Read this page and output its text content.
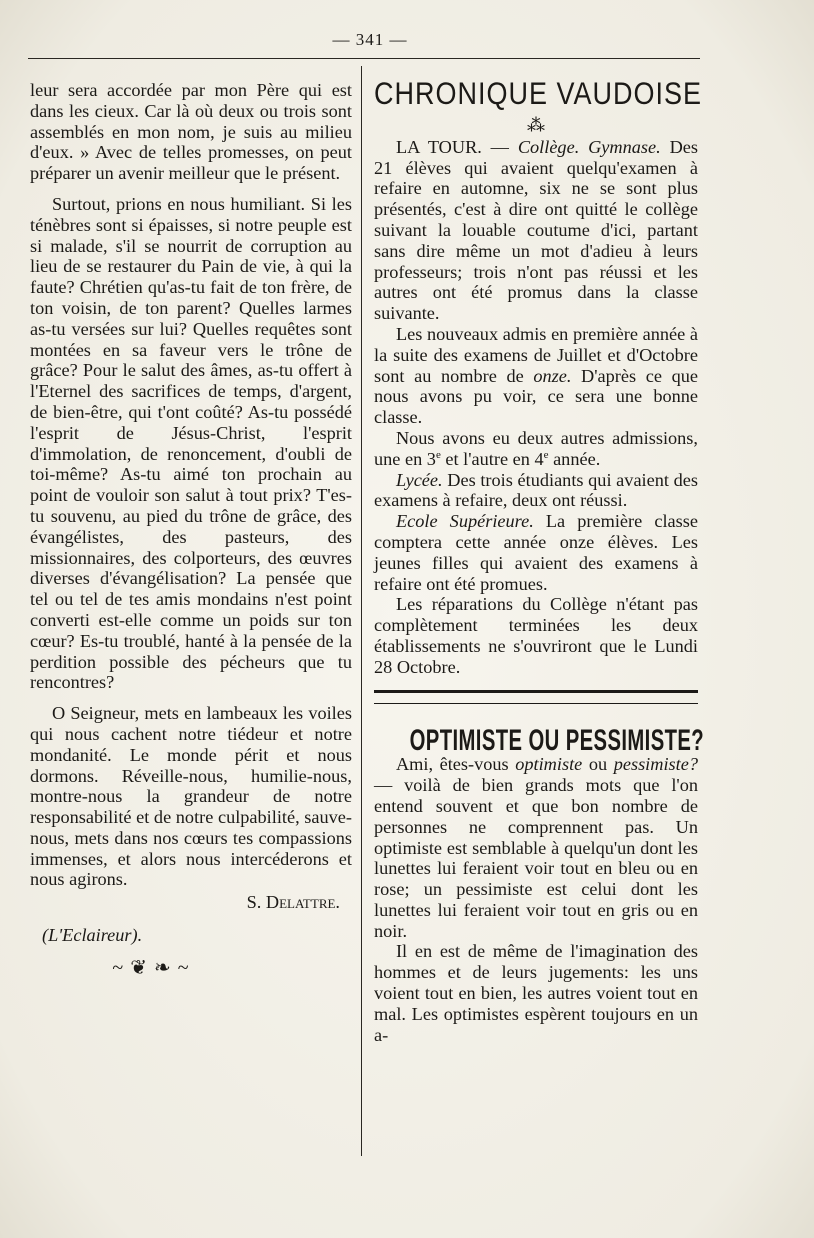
— 341 —

leur sera accordée par mon Père qui est dans les cieux. Car là où deux ou trois sont assemblés en mon nom, je suis au milieu d'eux. » Avec de telles promesses, on peut préparer un avenir meilleur que le présent.

Surtout, prions en nous humiliant. Si les ténèbres sont si épaisses, si notre peuple est si malade, s'il se nourrit de corruption au lieu de se restaurer du Pain de vie, à qui la faute? Chrétien qu'as-tu fait de ton frère, de ton voisin, de ton parent? Quelles larmes as-tu versées sur lui? Quelles requêtes sont montées en sa faveur vers le trône de grâce? Pour le salut des âmes, as-tu offert à l'Eternel des sacrifices de temps, d'argent, de bien-être, qui t'ont coûté? As-tu possédé l'esprit de Jésus-Christ, l'esprit d'immolation, de renoncement, d'oubli de toi-même? As-tu aimé ton prochain au point de vouloir son salut à tout prix? T'es-tu souvenu, au pied du trône de grâce, des évangélistes, des pasteurs, des missionnaires, des colporteurs, des œuvres diverses d'évangélisation? La pensée que tel ou tel de tes amis mondains n'est point converti est-elle comme un poids sur ton cœur? Es-tu troublé, hanté à la pensée de la perdition possible des pécheurs que tu rencontres?

O Seigneur, mets en lambeaux les voiles qui nous cachent notre tiédeur et notre mondanité. Le monde périt et nous dormons. Réveille-nous, humilie-nous, montre-nous la grandeur de notre responsabilité et de notre culpabilité, sauve-nous, mets dans nos cœurs tes compassions immenses, et alors nous intercéderons et nous agirons.

S. Delattre.

(L'Eclaireur).

~ ❦ ❧ ~
CHRONIQUE VAUDOISE
⁂

LA TOUR. — Collège. Gymnase. Des 21 élèves qui avaient quelqu'examen à refaire en automne, six ne se sont plus présentés, c'est à dire ont quitté le collège suivant la louable coutume d'ici, partant sans dire même un mot d'adieu à leurs professeurs; trois n'ont pas réussi et les autres ont été promus dans la classe suivante.

Les nouveaux admis en première année à la suite des examens de Juillet et d'Octobre sont au nombre de onze. D'après ce que nous avons pu voir, ce sera une bonne classe.

Nous avons eu deux autres admissions, une en 3e et l'autre en 4e année.

Lycée. Des trois étudiants qui avaient des examens à refaire, deux ont réussi.

Ecole Supérieure. La première classe comptera cette année onze élèves. Les jeunes filles qui avaient des examens à refaire ont été promues.

Les réparations du Collège n'étant pas complètement terminées les deux établissements ne s'ouvriront que le Lundi 28 Octobre.

OPTIMISTE OU PESSIMISTE?

Ami, êtes-vous optimiste ou pessimiste? — voilà de bien grands mots que l'on entend souvent et que bon nombre de personnes ne comprennent pas. Un optimiste est semblable à quelqu'un dont les lunettes lui feraient voir tout en bleu ou en rose; un pessimiste est celui dont les lunettes lui feraient voir tout en gris ou en noir.

Il en est de même de l'imagination des hommes et de leurs jugements: les uns voient tout en bien, les autres voient tout en mal. Les optimistes espèrent toujours en un a-
